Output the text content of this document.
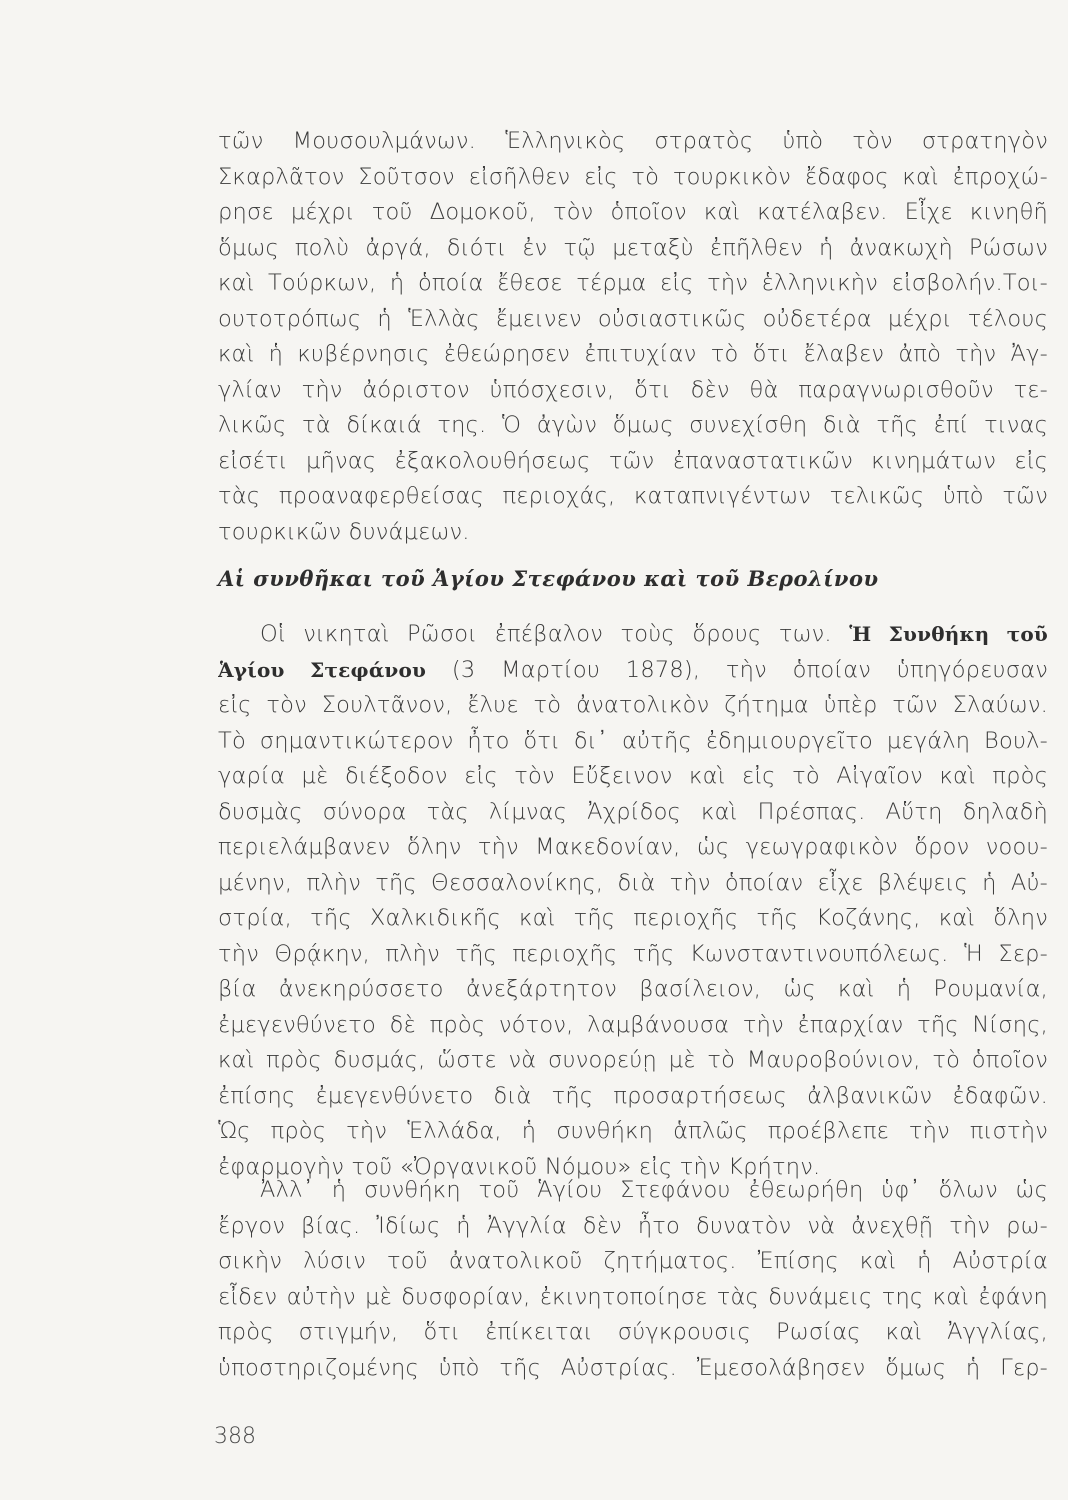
τῶν Μουσουλμάνων. Ἑλληνικὸς στρατὸς ὑπὸ τὸν στρατηγὸν
Σκαρλᾶτον Σοῦτσον εἰσῆλθεν εἰς τὸ τουρκικὸν ἔδαφος καὶ ἐπροχώ-
ρησε μέχρι τοῦ Δομοκοῦ, τὸν ὁποῖον καὶ κατέλαβεν. Εἶχε κινηθῆ
ὅμως πολὺ ἀργά, διότι ἐν τῷ μεταξὺ ἐπῆλθεν ἡ ἀνακωχὴ Ρώσων
καὶ Τούρκων, ἡ ὁποία ἔθεσε τέρμα εἰς τὴν ἑλληνικὴν εἰσβολήν.Τοι-
ουτοτρόπως ἡ Ἑλλὰς ἔμεινεν οὐσιαστικῶς οὐδετέρα μέχρι τέλους
καὶ ἡ κυβέρνησις ἐθεώρησεν ἐπιτυχίαν τὸ ὅτι ἔλαβεν ἀπὸ τὴν Ἀγ-
γλίαν τὴν ἀόριστον ὑπόσχεσιν, ὅτι δὲν θὰ παραγνωρισθοῦν τε-
λικῶς τὰ δίκαιά της. Ὁ ἀγὼν ὅμως συνεχίσθη διὰ τῆς ἐπί τινας
εἰσέτι μῆνας ἐξακολουθήσεως τῶν ἐπαναστατικῶν κινημάτων εἰς
τὰς προαναφερθείσας περιοχάς, καταπνιγέντων τελικῶς ὑπὸ τῶν
τουρκικῶν δυνάμεων.
Αἱ συνθῆκαι τοῦ Ἁγίου Στεφάνου καὶ τοῦ Βερολίνου
Οἱ νικηταὶ Ρῶσοι ἐπέβαλον τοὺς ὅρους των. Ἡ Συνθήκη τοῦ
Ἁγίου Στεφάνου (3 Μαρτίου 1878), τὴν ὁποίαν ὑπηγόρευσαν
εἰς τὸν Σουλτᾶνον, ἔλυε τὸ ἀνατολικὸν ζήτημα ὑπὲρ τῶν Σλαύων.
Τὸ σημαντικώτερον ἦτο ὅτι δι᾽ αὐτῆς ἐδημιουργεῖτο μεγάλη Βουλ-
γαρία μὲ διέξοδον εἰς τὸν Εὔξεινον καὶ εἰς τὸ Αἰγαῖον καὶ πρὸς
δυσμὰς σύνορα τὰς λίμνας Ἀχρίδος καὶ Πρέσπας. Αὕτη δηλαδὴ
περιελάμβανεν ὅλην τὴν Μακεδονίαν, ὡς γεωγραφικὸν ὅρον νοου-
μένην, πλὴν τῆς Θεσσαλονίκης, διὰ τὴν ὁποίαν εἶχε βλέψεις ἡ Αὐ-
στρία, τῆς Χαλκιδικῆς καὶ τῆς περιοχῆς τῆς Κοζάνης, καὶ ὅλην
τὴν Θρᾴκην, πλὴν τῆς περιοχῆς τῆς Κωνσταντινουπόλεως. Ἡ Σερ-
βία ἀνεκηρύσσετο ἀνεξάρτητον βασίλειον, ὡς καὶ ἡ Ρουμανία,
ἐμεγενθύνετο δὲ πρὸς νότον, λαμβάνουσα τὴν ἐπαρχίαν τῆς Νίσης,
καὶ πρὸς δυσμάς, ὥστε νὰ συνορεύῃ μὲ τὸ Μαυροβούνιον, τὸ ὁποῖον
ἐπίσης ἐμεγενθύνετο διὰ τῆς προσαρτήσεως ἀλβανικῶν ἐδαφῶν.
Ὡς πρὸς τὴν Ἑλλάδα, ἡ συνθήκη ἁπλῶς προέβλεπε τὴν πιστὴν
ἐφαρμογὴν τοῦ «Ὀργανικοῦ Νόμου» εἰς τὴν Κρήτην.
Ἀλλ᾽ ἡ συνθήκη τοῦ Ἁγίου Στεφάνου ἐθεωρήθη ὑφ᾽ ὅλων ὡς
ἔργον βίας. Ἰδίως ἡ Ἀγγλία δὲν ἦτο δυνατὸν νὰ ἀνεχθῇ τὴν ρω-
σικὴν λύσιν τοῦ ἀνατολικοῦ ζητήματος. Ἐπίσης καὶ ἡ Αὐστρία
εἶδεν αὐτὴν μὲ δυσφορίαν, ἐκινητοποίησε τὰς δυνάμεις της καὶ ἐφάνη
πρὸς στιγμήν, ὅτι ἐπίκειται σύγκρουσις Ρωσίας καὶ Ἀγγλίας,
ὑποστηριζομένης ὑπὸ τῆς Αὐστρίας. Ἐμεσολάβησεν ὅμως ἡ Γερ-
388
